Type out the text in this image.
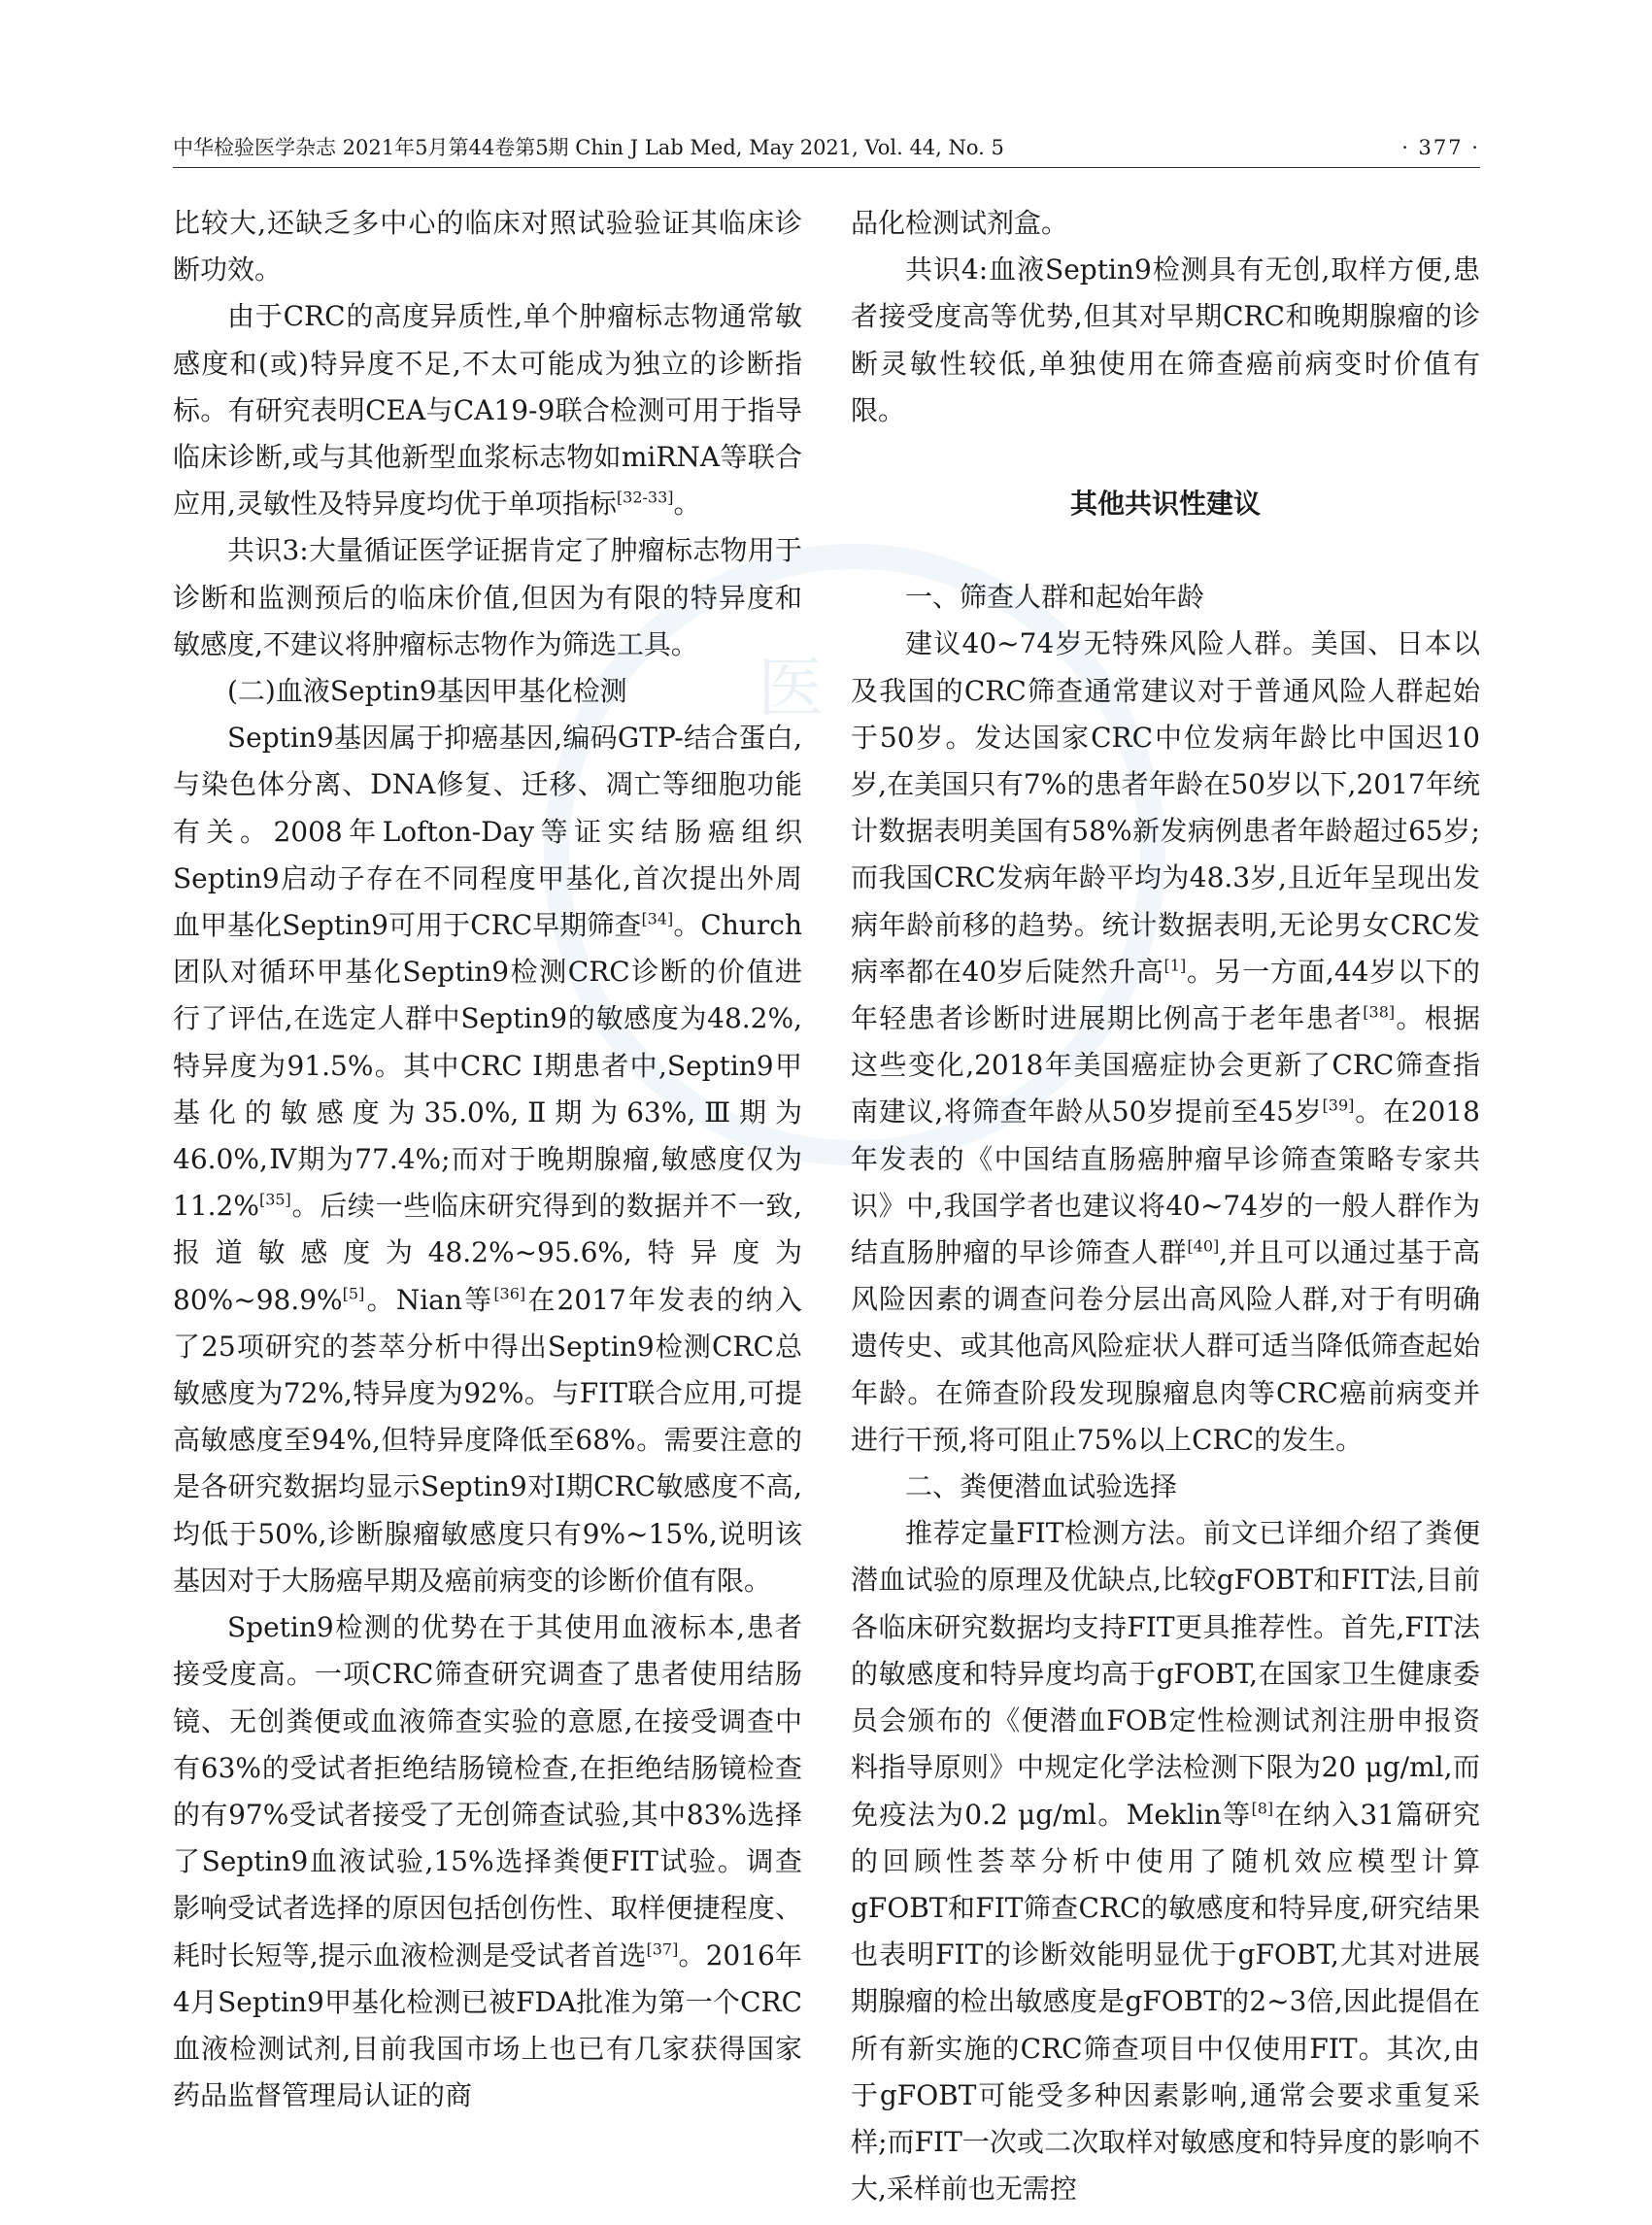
中华检验医学杂志 2021年5月第44卷第5期 Chin J Lab Med, May 2021, Vol. 44, No. 5	· 377 ·
医

比较大,还缺乏多中心的临床对照试验验证其临床诊断功效。

由于CRC的高度异质性,单个肿瘤标志物通常敏感度和(或)特异度不足,不太可能成为独立的诊断指标。有研究表明CEA与CA19-9联合检测可用于指导临床诊断,或与其他新型血浆标志物如miRNA等联合应用,灵敏性及特异度均优于单项指标[32-33]。

共识3:大量循证医学证据肯定了肿瘤标志物用于诊断和监测预后的临床价值,但因为有限的特异度和敏感度,不建议将肿瘤标志物作为筛选工具。

(二)血液Septin9基因甲基化检测

Septin9基因属于抑癌基因,编码GTP-结合蛋白,与染色体分离、DNA修复、迁移、凋亡等细胞功能有关。2008年Lofton-Day等证实结肠癌组织Septin9启动子存在不同程度甲基化,首次提出外周血甲基化Septin9可用于CRC早期筛查[34]。Church团队对循环甲基化Septin9检测CRC诊断的价值进行了评估,在选定人群中Septin9的敏感度为48.2%,特异度为91.5%。其中CRC Ⅰ期患者中,Septin9甲基化的敏感度为35.0%,Ⅱ期为63%,Ⅲ期为46.0%,Ⅳ期为77.4%;而对于晚期腺瘤,敏感度仅为11.2%[35]。后续一些临床研究得到的数据并不一致,报道敏感度为48.2%~95.6%,特异度为80%~98.9%[5]。Nian等[36]在2017年发表的纳入了25项研究的荟萃分析中得出Septin9检测CRC总敏感度为72%,特异度为92%。与FIT联合应用,可提高敏感度至94%,但特异度降低至68%。需要注意的是各研究数据均显示Septin9对Ⅰ期CRC敏感度不高,均低于50%,诊断腺瘤敏感度只有9%~15%,说明该基因对于大肠癌早期及癌前病变的诊断价值有限。

Spetin9检测的优势在于其使用血液标本,患者接受度高。一项CRC筛查研究调查了患者使用结肠镜、无创粪便或血液筛查实验的意愿,在接受调查中有63%的受试者拒绝结肠镜检查,在拒绝结肠镜检查的有97%受试者接受了无创筛查试验,其中83%选择了Septin9血液试验,15%选择粪便FIT试验。调查影响受试者选择的原因包括创伤性、取样便捷程度、耗时长短等,提示血液检测是受试者首选[37]。2016年4月Septin9甲基化检测已被FDA批准为第一个CRC血液检测试剂,目前我国市场上也已有几家获得国家药品监督管理局认证的商

品化检测试剂盒。

共识4:血液Septin9检测具有无创,取样方便,患者接受度高等优势,但其对早期CRC和晚期腺瘤的诊断灵敏性较低,单独使用在筛查癌前病变时价值有限。

其他共识性建议

一、筛查人群和起始年龄

建议40~74岁无特殊风险人群。美国、日本以及我国的CRC筛查通常建议对于普通风险人群起始于50岁。发达国家CRC中位发病年龄比中国迟10岁,在美国只有7%的患者年龄在50岁以下,2017年统计数据表明美国有58%新发病例患者年龄超过65岁;而我国CRC发病年龄平均为48.3岁,且近年呈现出发病年龄前移的趋势。统计数据表明,无论男女CRC发病率都在40岁后陡然升高[1]。另一方面,44岁以下的年轻患者诊断时进展期比例高于老年患者[38]。根据这些变化,2018年美国癌症协会更新了CRC筛查指南建议,将筛查年龄从50岁提前至45岁[39]。在2018年发表的《中国结直肠癌肿瘤早诊筛查策略专家共识》中,我国学者也建议将40~74岁的一般人群作为结直肠肿瘤的早诊筛查人群[40],并且可以通过基于高风险因素的调查问卷分层出高风险人群,对于有明确遗传史、或其他高风险症状人群可适当降低筛查起始年龄。在筛查阶段发现腺瘤息肉等CRC癌前病变并进行干预,将可阻止75%以上CRC的发生。

二、粪便潜血试验选择

推荐定量FIT检测方法。前文已详细介绍了粪便潜血试验的原理及优缺点,比较gFOBT和FIT法,目前各临床研究数据均支持FIT更具推荐性。首先,FIT法的敏感度和特异度均高于gFOBT,在国家卫生健康委员会颁布的《便潜血FOB定性检测试剂注册申报资料指导原则》中规定化学法检测下限为20 μg/ml,而免疫法为0.2 μg/ml。Meklin等[8]在纳入31篇研究的回顾性荟萃分析中使用了随机效应模型计算gFOBT和FIT筛查CRC的敏感度和特异度,研究结果也表明FIT的诊断效能明显优于gFOBT,尤其对进展期腺瘤的检出敏感度是gFOBT的2~3倍,因此提倡在所有新实施的CRC筛查项目中仅使用FIT。其次,由于gFOBT可能受多种因素影响,通常会要求重复采样;而FIT一次或二次取样对敏感度和特异度的影响不大,采样前也无需控
